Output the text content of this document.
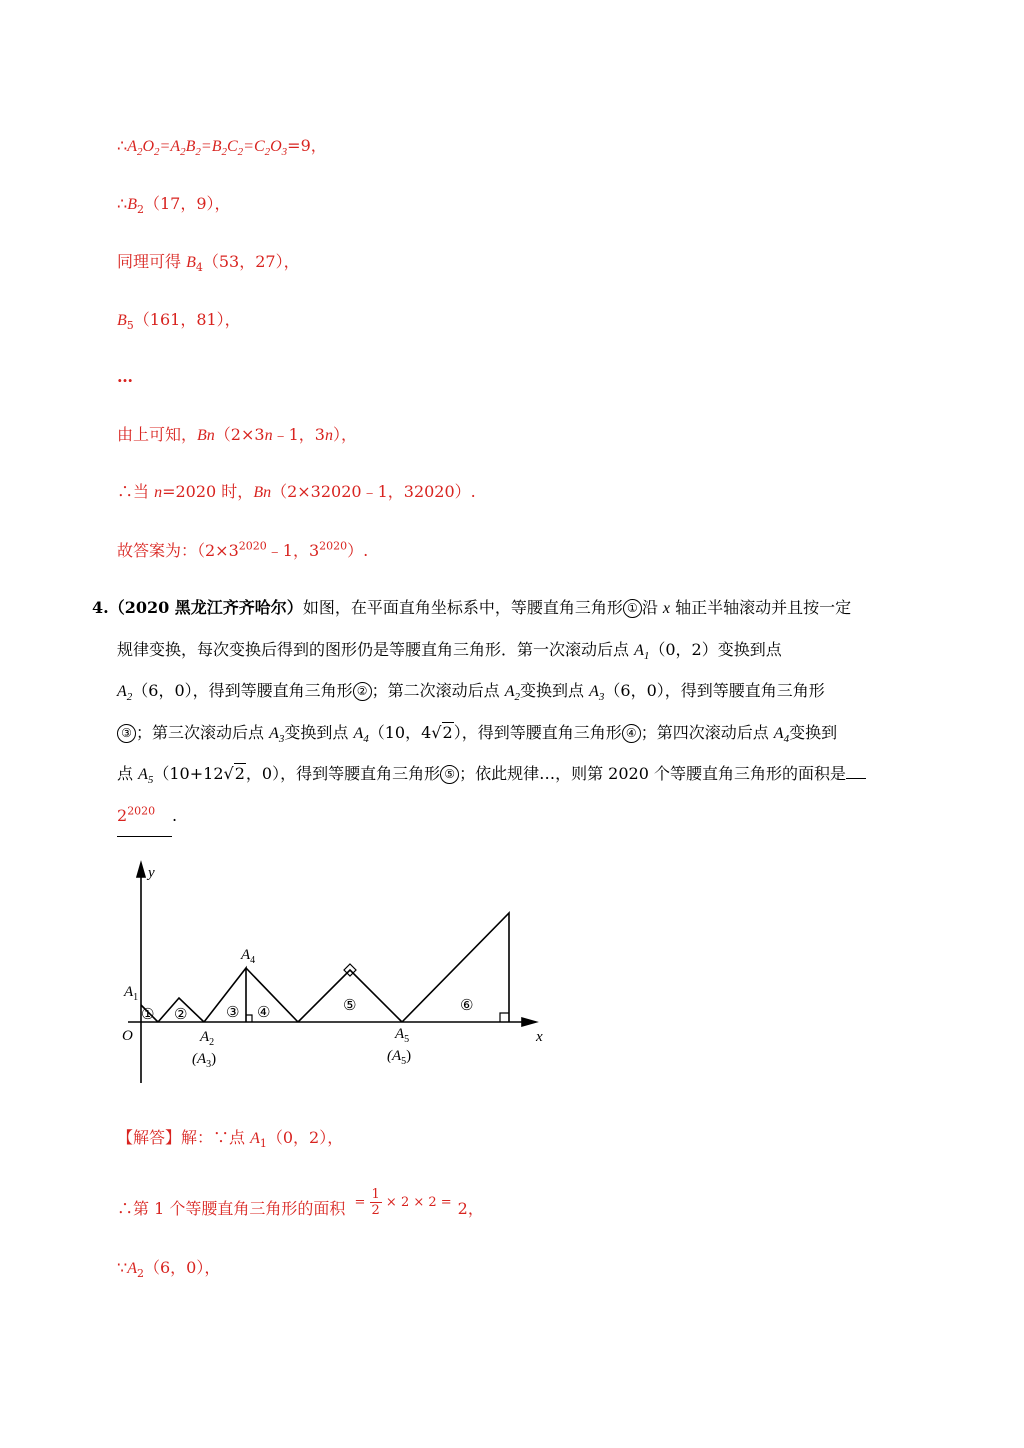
$\therefore A_2O_2=A_2B_2=B_2C_2=C_2O_3=9$，
$\therefore B_2(17$，9），
同理可得 $B_4(53$，27），
$B_5(161$，81），
…
由上可知，Bn（2×3n﹣1，3n），
∴当 n=2020 时，Bn（2×32020﹣1，32020）.
故答案为：（$2\times 3^{2020}﹣1$，$3^{2020}$）.

4.（2020 黑龙江齐齐哈尔）如图，在平面直角坐标系中，等腰直角三角形 ① 沿 x 轴正半轴滚动并且按一定

规律变换，每次变换后得到的图形仍是等腰直角三角形．第一次滚动后点 $A_1(0$，2）变换到点

$A_2(6$，0），得到等腰直角三角形 ② ；第二次滚动后点 $A_2$变换到点 $A_3(6$，0），得到等腰直角三角形

③ ；第三次滚动后点 $A_3$变换到点 $A_4(10$，4√2），得到等腰直角三角形 ④ ；第四次滚动后点 $A_4$变换到

点 $A_5(10+12√2$，0），得到等腰直角三角形 ⑤ ；依此规律…，则第 2020 个等腰直角三角形的面积是

$2^{2020}$ .

y
x
O
$A_1$
$A_4$
$A_2$
$(A_3)$
$A_5$
$(A_5)$
① ②	③ ④	⑤	⑥
【解答】解：∵点 $A_1(0$，2），
∴第 1 个等腰直角三角形的面积 = $\frac{1}{2} \times 2 \times 2 = 2$，
$\because A_2(6$，0），
